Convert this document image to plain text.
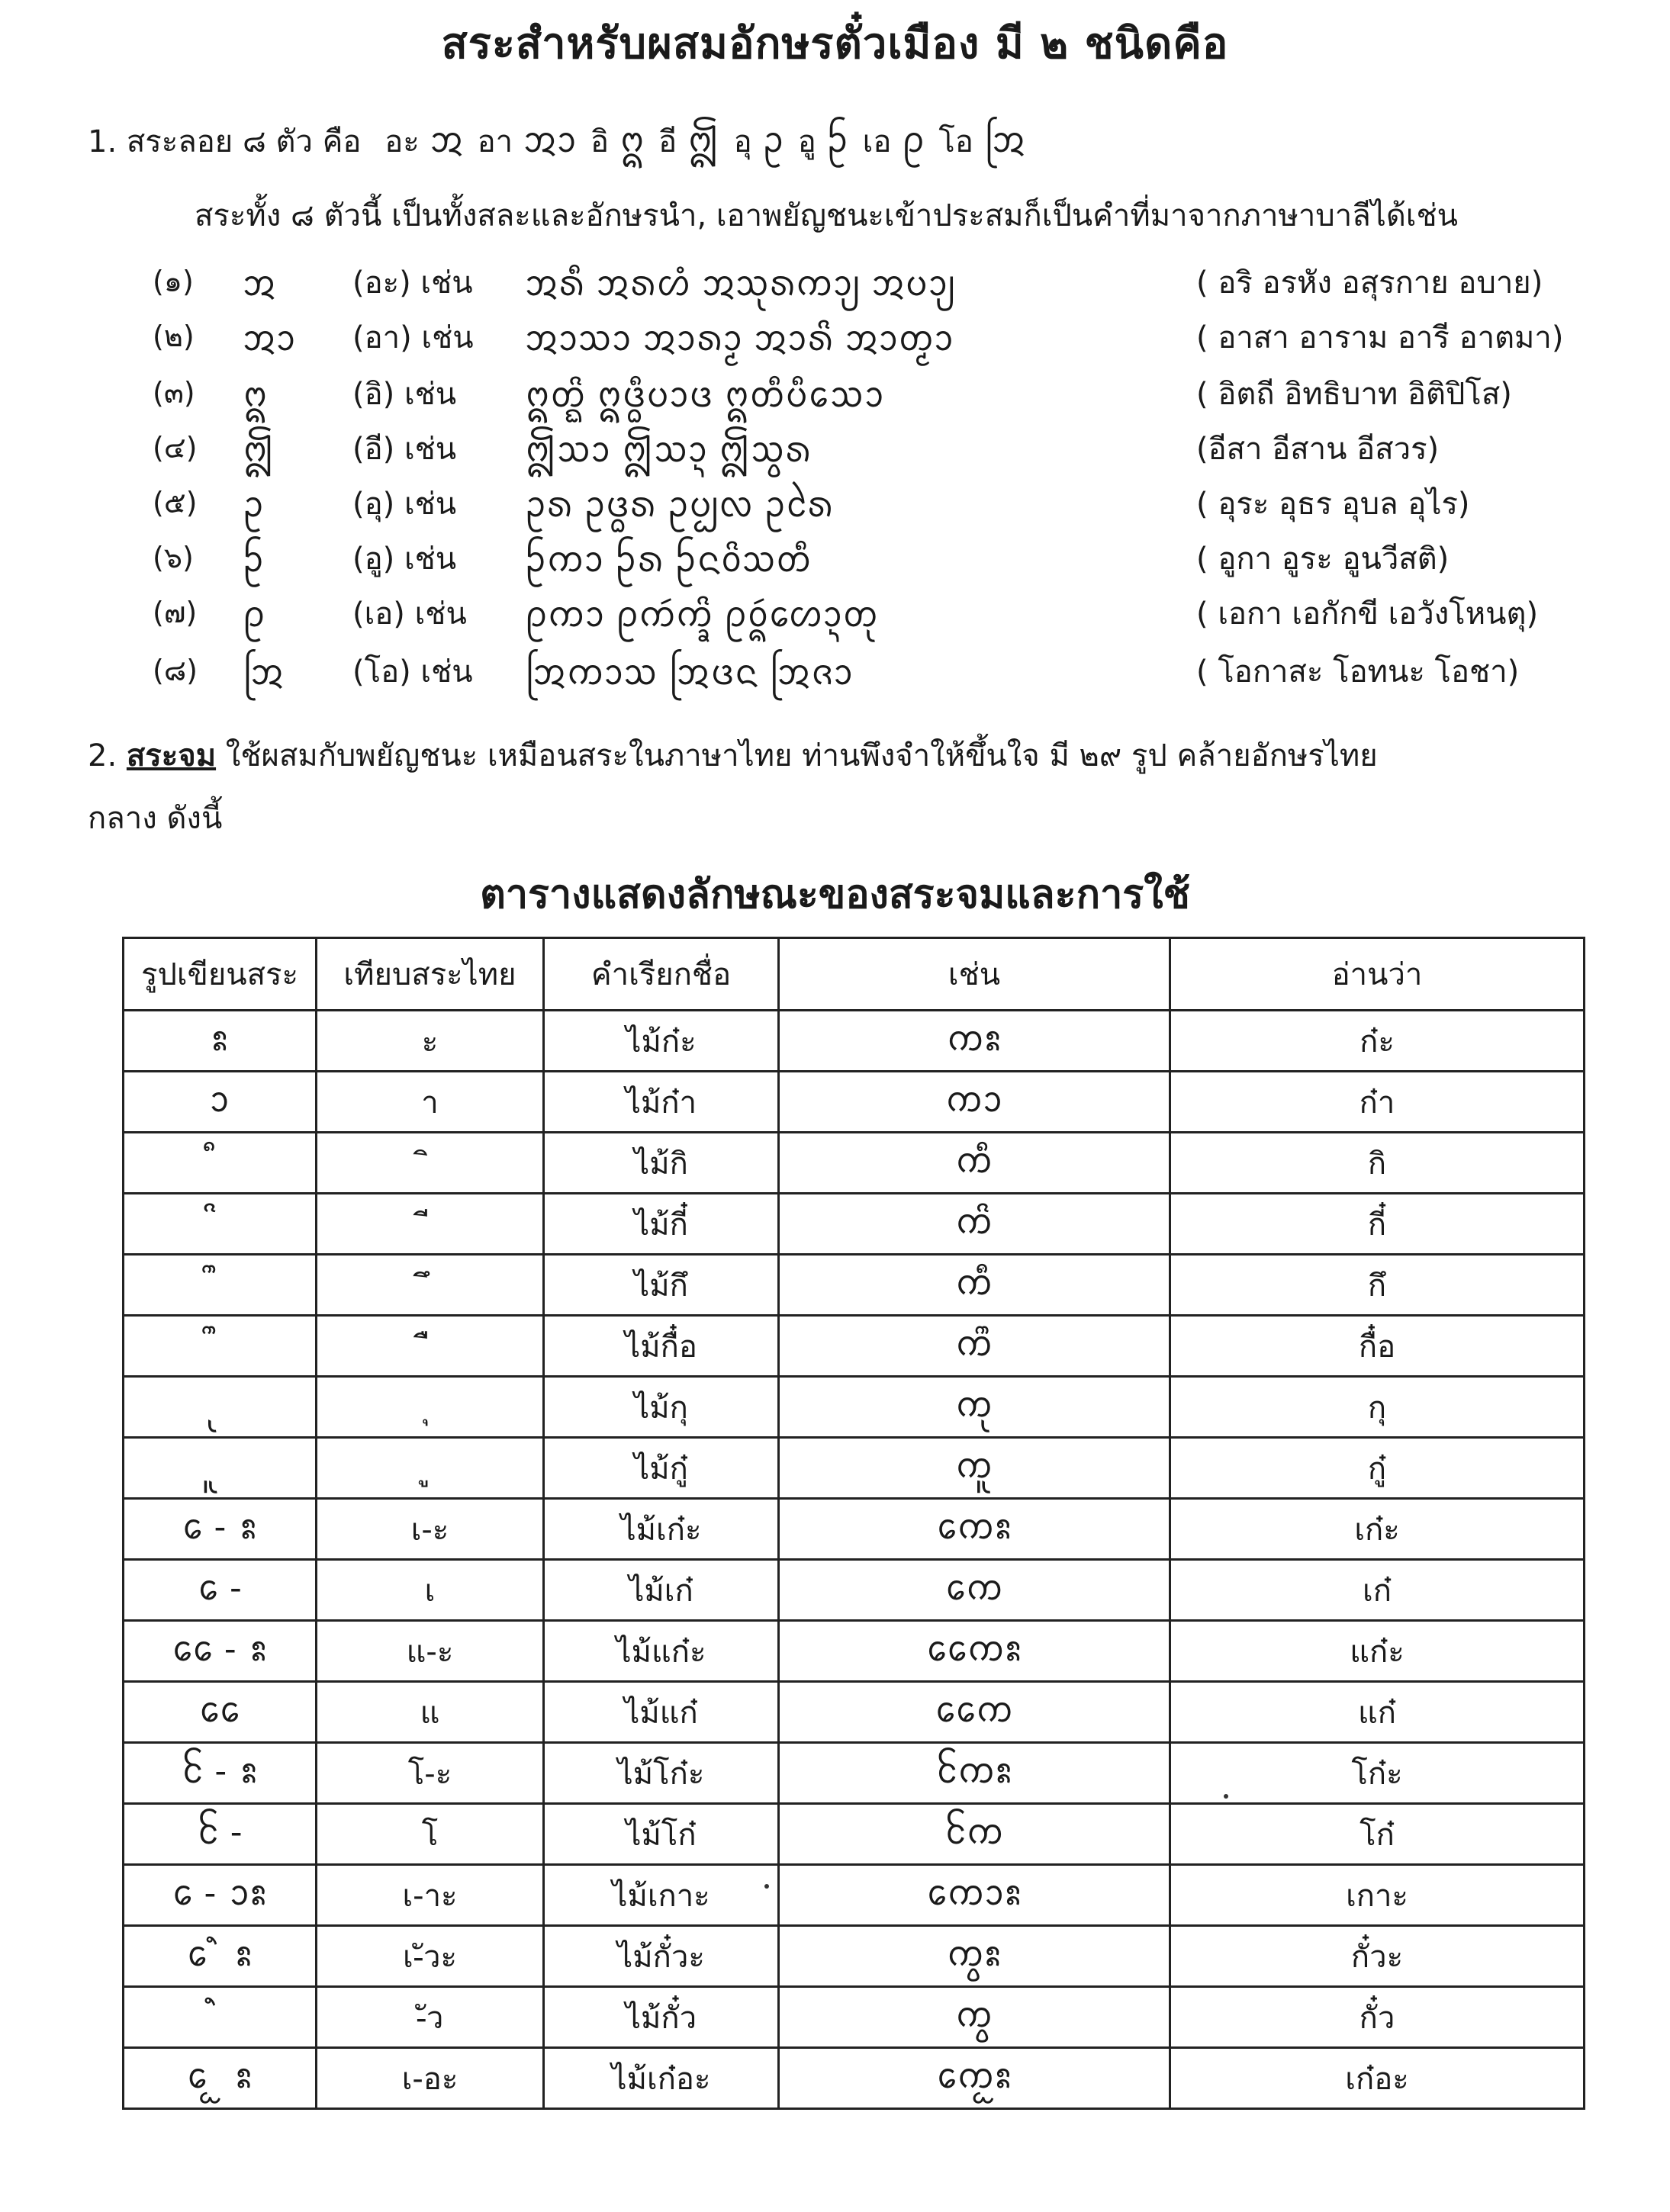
สระสำหรับผสมอักษรตั๋วเมือง มี ๒ ชนิดคือ
1. สระลอย ๘ ตัว คือ อะ ᩋ อา ᩋᩣ อิ ᩍ อี ᩎ อุ ᩏ อู ᩐ เอ ᩑ โอ ᩒ
สระทั้ง ๘ ตัวนี้ เป็นทั้งสละและอักษรนำ, เอาพยัญชนะเข้าประสมก็เป็นคำที่มาจากภาษาบาลีได้เช่น
(๑) ᩋ	(อะ) เช่น ᩋᩁᩥ ᩋᩁᩉᩴ ᩋᩈᩩᩁᨠᩣ᩠ᨿ ᩋᨷᩣ᩠ᨿ	( อริ อรหัง อสุรกาย อบาย)
(๒) ᩋᩣ (อา) เช่น ᩋᩣᩈᩣ ᩋᩣᩁᩣ᩠ᨾ ᩋᩣᩁᩦ ᩋᩣᨲ᩠ᨾᩣ	( อาสา อาราม อารี อาตมา)
(๓) ᩍ	(อิ) เช่น ᩍᨲ᩠ᨳᩦ ᩍᨴ᩠ᨵᩥᨷᩣᨴ ᩍᨲᩥᨷᩥᩈᩮᩣ	( อิตถี อิทธิบาท อิติปิโส)
(๔) ᩎ	(อี) เช่น ᩎᩈᩣ ᩎᩈᩣ᩠ᨶ ᩎᩈ᩠ᩅᩁ	(อีสา อีสาน อีสวร)
(๕) ᩏ	(อุ) เช่น ᩏᩁ ᩏᨴ᩠ᨵᩁ ᩏᨷ᩠ᨷᩃ ᩏᩁᩱ	( อุระ อุธร อุบล อุไร)
(๖) ᩐ	(อู) เช่น ᩐᨠᩣ ᩐᩁ ᩐᨶᩅᩦᩈᨲᩥ	( อูกา อูระ อูนวีสติ)
(๗) ᩑ	(เอ) เช่น ᩑᨠᩣ ᩑᨠᩢᨠ᩠ᨡᩦ ᩑᩅᩢ᩠ᨦᩉᩮᩣ᩠ᨶᨲᩩ	( เอกา เอกักขี เอวังโหนตุ)
(๘) ᩒ (โอ) เช่น ᩒᨠᩣᩈ ᩒᨴᨶ ᩒᨩᩣ	( โอกาสะ โอทนะ โอชา)
2. สระจม ใช้ผสมกับพยัญชนะ เหมือนสระในภาษาไทย ท่านพึงจำให้ขึ้นใจ มี ๒๙ รูป คล้ายอักษรไทย
กลาง ดังนี้
ตารางแสดงลักษณะของสระจมและการใช้
รูปเขียนสระ	เทียบสระไทย	คำเรียกชื่อ	เช่น	อ่านว่า
ᩡ	ะ	ไม้ก๋ะ	ᨠᩡ	ก๋ะ
ᩣ	า	ไม้ก๋า	ᨠᩣ	ก๋า
		ไม้กิ	ᨠᩥ	กิ
		ไม้กี๋	ᨠᩦ	กี๋
		ไม้กึ	ᨠᩧ	กึ
		ไม้กื๋อ	ᨠᩨ	กื๋อ
		ไม้กุ	ᨠᩩ	กุ
		ไม้กู๋	ᨠᩪ	กู๋
ᩮ - ᩡ	เ-ะ	ไม้เก๋ะ	ᩮᨠᩡ	เก๋ะ
ᩮ -	เ	ไม้เก๋	ᩮᨠ	เก๋
ᩯ - ᩡ	แ-ะ	ไม้แก๋ะ	ᩯᨠᩡ	แก๋ะ
ᩯ	แ	ไม้แก๋	ᩯᨠ	แก๋
ᩰ - ᩡ	โ-ะ	ไม้โก๋ะ	ᩰᨠᩡ	โก๋ะ
ᩰ -	โ	ไม้โก๋	ᩰᨠ	โก๋
ᩮ - ᩣᩡ	เ-าะ	ไม้เกาะ	ᩮᨠᩣᩡ	เกาะ
ᩮ ᩫ ᩡ	เ-ัวะ	ไม้กั๋วะ	ᨠ᩠ᩅᩡ	กั๋วะ
	-ัว	ไม้กั๋ว	ᨠ᩠ᩅ	กั๋ว
ᩮ ᩬ ᩡ	เ-อะ	ไม้เก๋อะ	ᩮᨠᩬᩡ	เก๋อะ
